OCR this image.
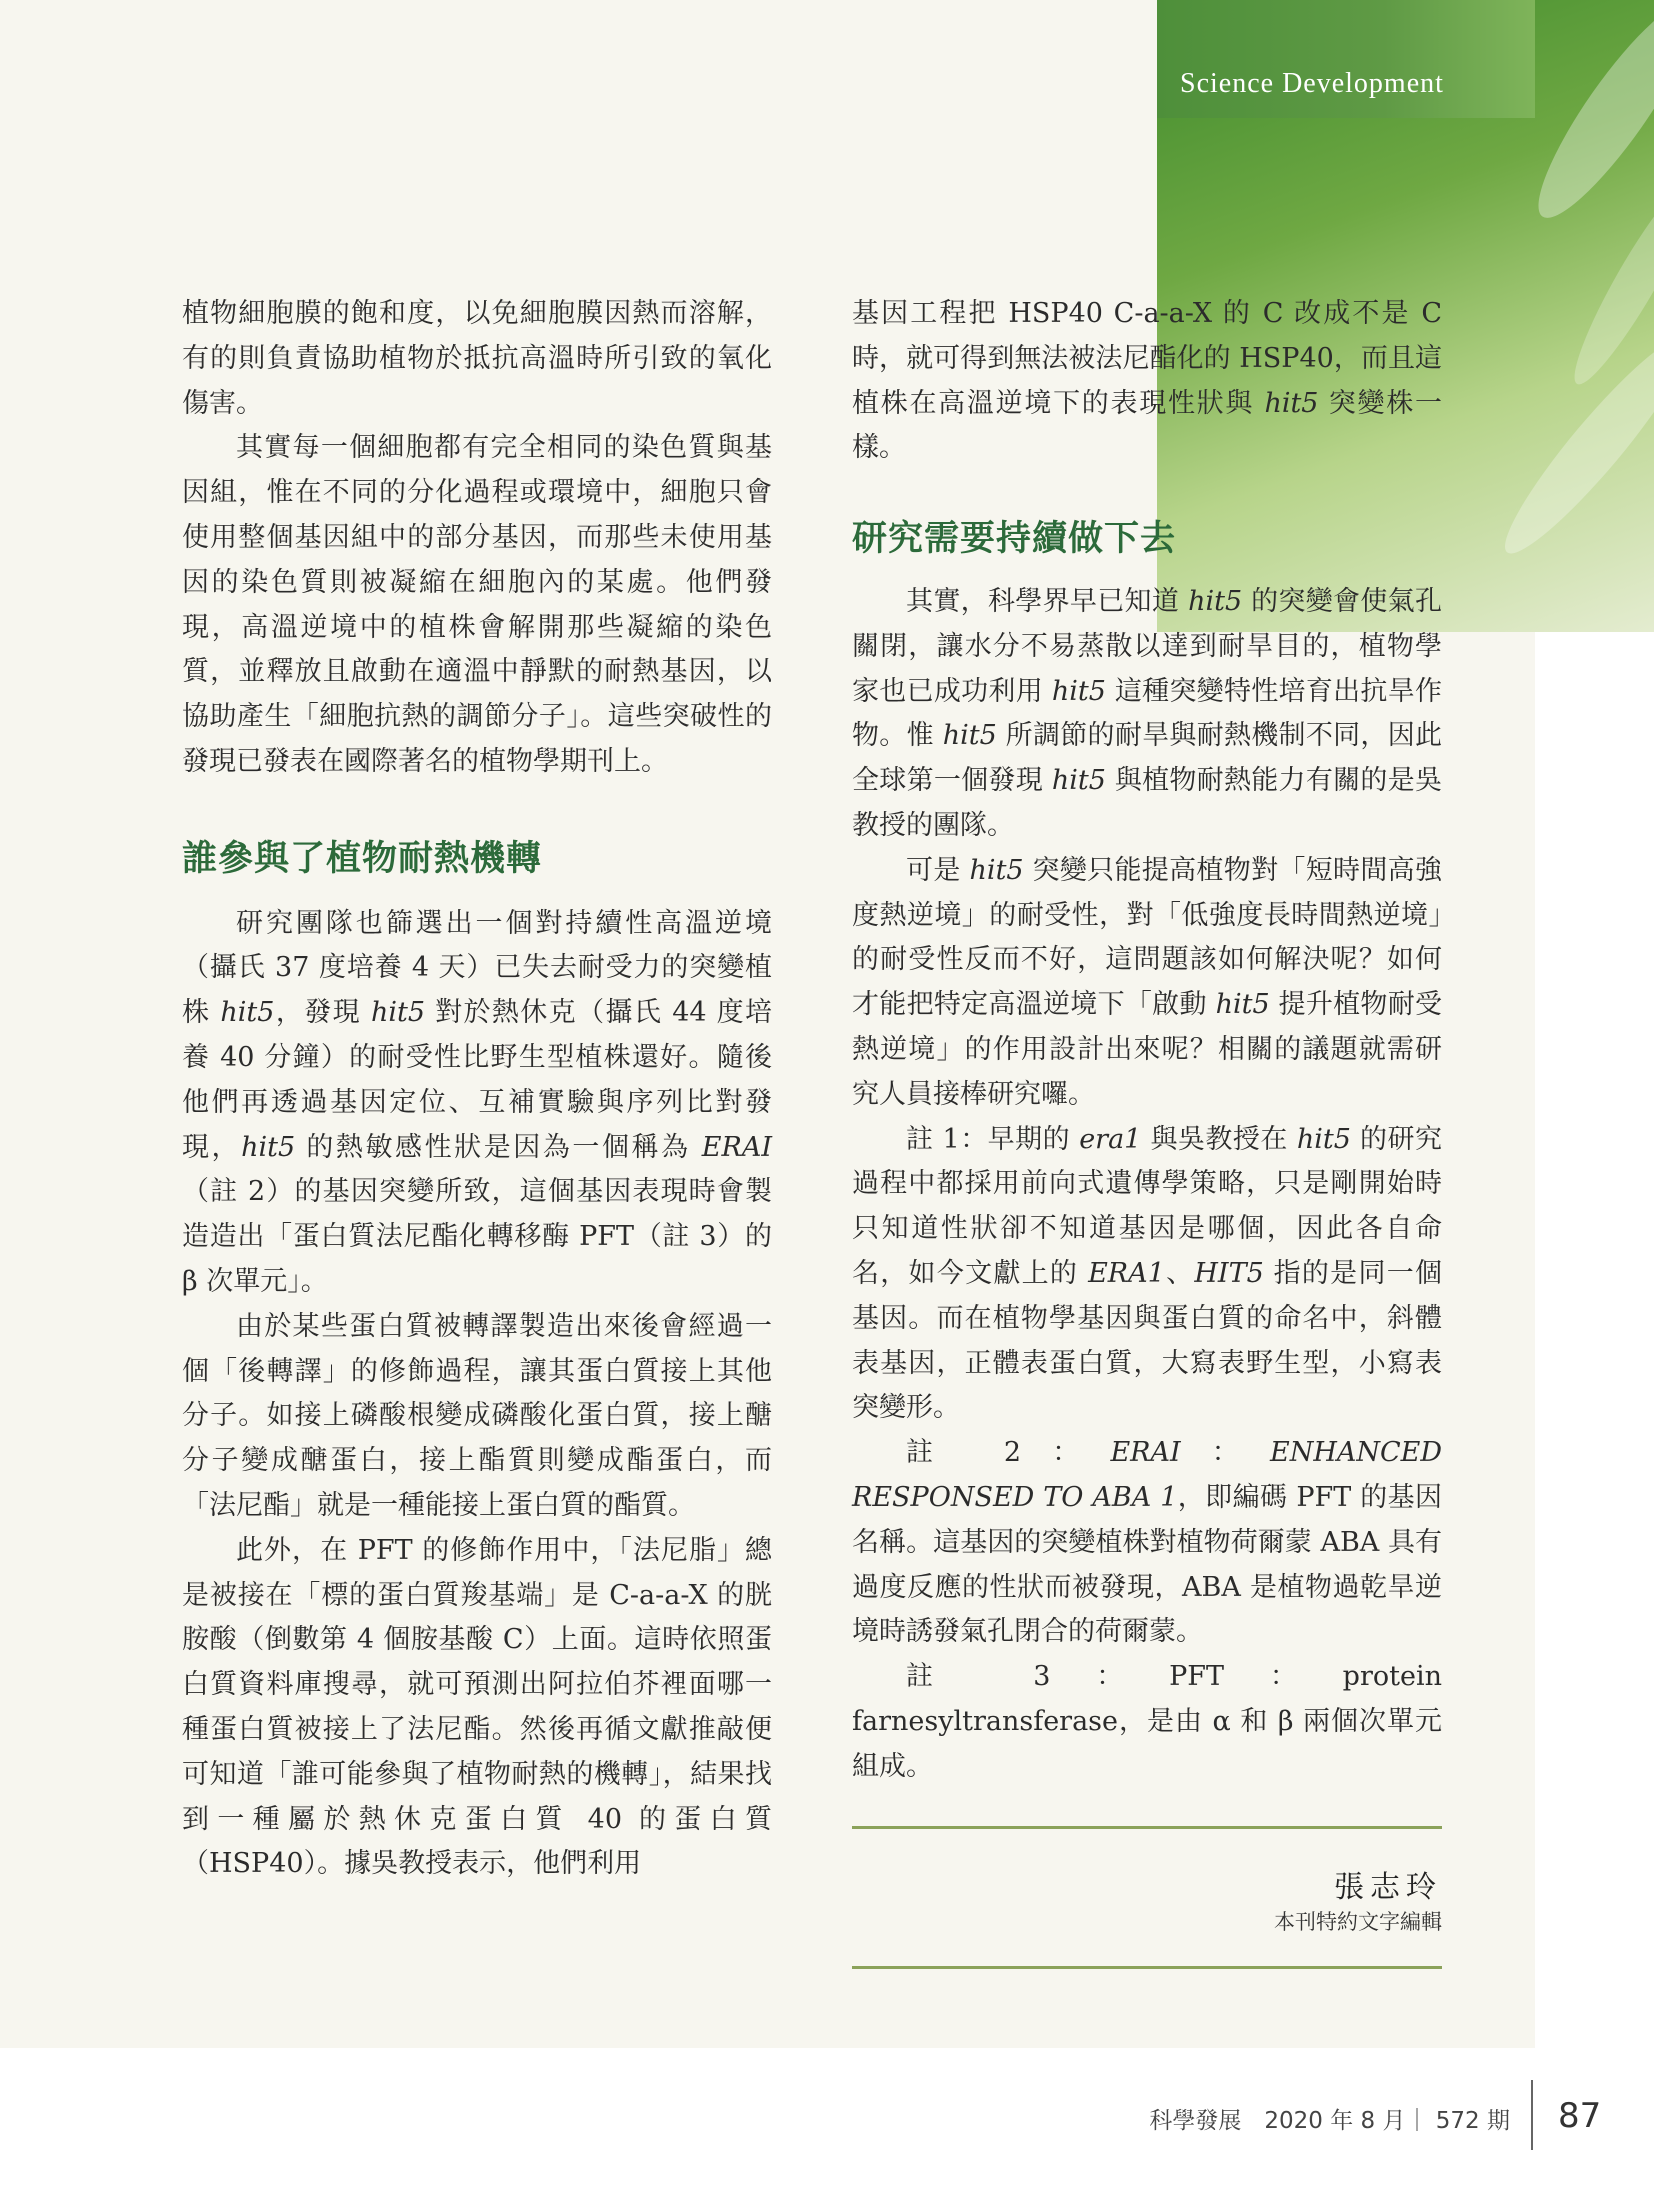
Science Development

植物細胞膜的飽和度，以免細胞膜因熱而溶解，有的則負責協助植物於抵抗高溫時所引致的氧化傷害。

其實每一個細胞都有完全相同的染色質與基因組，惟在不同的分化過程或環境中，細胞只會使用整個基因組中的部分基因，而那些未使用基因的染色質則被凝縮在細胞內的某處。他們發現，高溫逆境中的植株會解開那些凝縮的染色質，並釋放且啟動在適溫中靜默的耐熱基因，以協助產生「細胞抗熱的調節分子」。這些突破性的發現已發表在國際著名的植物學期刊上。

誰參與了植物耐熱機轉

研究團隊也篩選出一個對持續性高溫逆境（攝氏 37 度培養 4 天）已失去耐受力的突變植株 hit5，發現 hit5 對於熱休克（攝氏 44 度培養 40 分鐘）的耐受性比野生型植株還好。隨後他們再透過基因定位、互補實驗與序列比對發現，hit5 的熱敏感性狀是因為一個稱為 ERAI（註 2）的基因突變所致，這個基因表現時會製造造出「蛋白質法尼酯化轉移酶 PFT（註 3）的 β 次單元」。

由於某些蛋白質被轉譯製造出來後會經過一個「後轉譯」的修飾過程，讓其蛋白質接上其他分子。如接上磷酸根變成磷酸化蛋白質，接上醣分子變成醣蛋白，接上酯質則變成酯蛋白，而「法尼酯」就是一種能接上蛋白質的酯質。

此外，在 PFT 的修飾作用中，「法尼脂」總是被接在「標的蛋白質羧基端」是 C-a-a-X 的胱胺酸（倒數第 4 個胺基酸 C）上面。這時依照蛋白質資料庫搜尋，就可預測出阿拉伯芥裡面哪一種蛋白質被接上了法尼酯。然後再循文獻推敲便可知道「誰可能參與了植物耐熱的機轉」，結果找到一種屬於熱休克蛋白質 40 的蛋白質（HSP40）。據吳教授表示，他們利用

基因工程把 HSP40 C-a-a-X 的 C 改成不是 C 時，就可得到無法被法尼酯化的 HSP40，而且這植株在高溫逆境下的表現性狀與 hit5 突變株一樣。

研究需要持續做下去

其實，科學界早已知道 hit5 的突變會使氣孔關閉，讓水分不易蒸散以達到耐旱目的，植物學家也已成功利用 hit5 這種突變特性培育出抗旱作物。惟 hit5 所調節的耐旱與耐熱機制不同，因此全球第一個發現 hit5 與植物耐熱能力有關的是吳教授的團隊。

可是 hit5 突變只能提高植物對「短時間高強度熱逆境」的耐受性，對「低強度長時間熱逆境」的耐受性反而不好，這問題該如何解決呢？如何才能把特定高溫逆境下「啟動 hit5 提升植物耐受熱逆境」的作用設計出來呢？相關的議題就需研究人員接棒研究囉。

註 1：早期的 era1 與吳教授在 hit5 的研究過程中都採用前向式遺傳學策略，只是剛開始時只知道性狀卻不知道基因是哪個，因此各自命名，如今文獻上的 ERA1、HIT5 指的是同一個基因。而在植物學基因與蛋白質的命名中，斜體表基因，正體表蛋白質，大寫表野生型，小寫表突變形。

註 2：ERAI：ENHANCED RESPONSED TO ABA 1，即編碼 PFT 的基因名稱。這基因的突變植株對植物荷爾蒙 ABA 具有過度反應的性狀而被發現，ABA 是植物過乾旱逆境時誘發氣孔閉合的荷爾蒙。

註 3：PFT：protein farnesyltransferase，是由 α 和 β 兩個次單元組成。

張志玲
本刊特約文字編輯
科學發展　2020 年 8 月｜ 572 期 87
